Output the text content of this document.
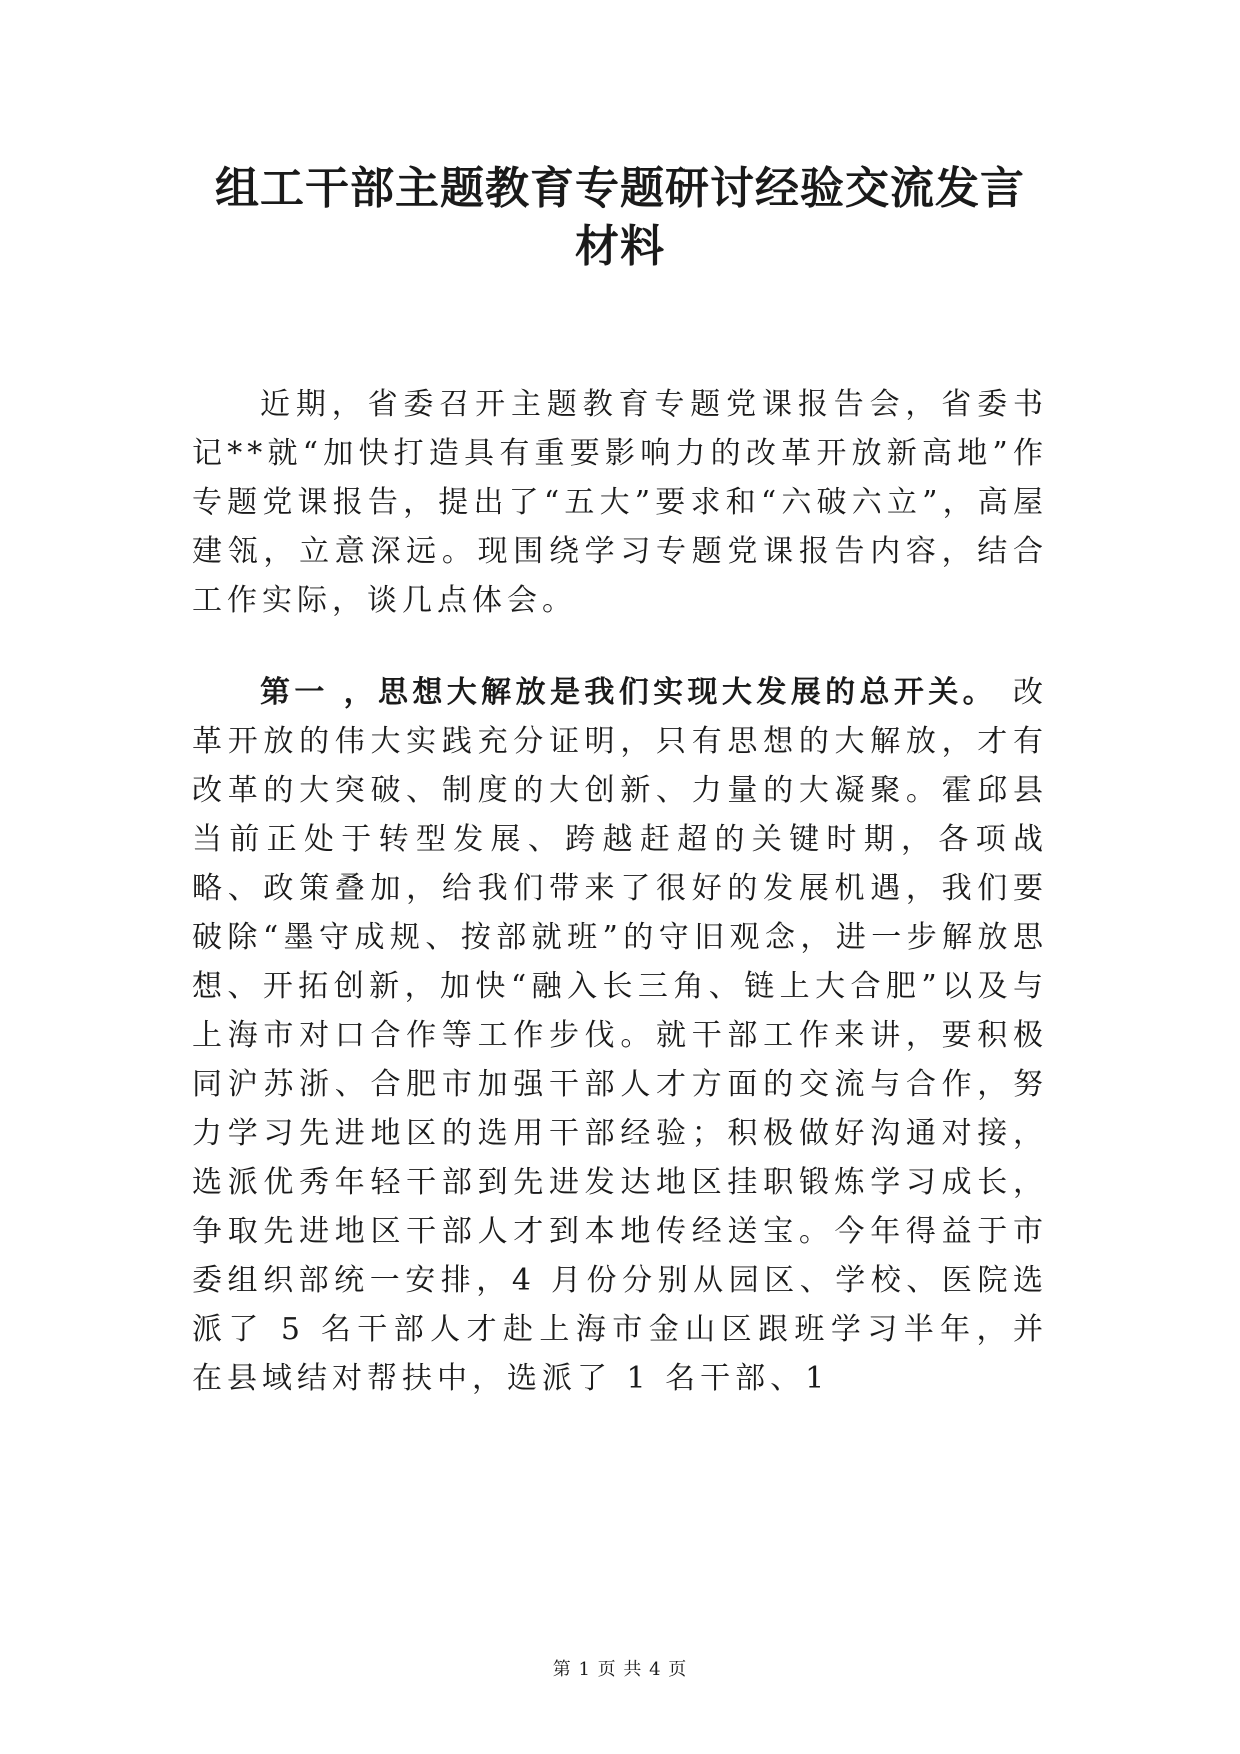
组工干部主题教育专题研讨经验交流发言
材料

近期，省委召开主题教育专题党课报告会，省委书记**就“加快打造具有重要影响力的改革开放新高地”作专题党课报告，提出了“五大”要求和“六破六立”，高屋建瓴，立意深远。现围绕学习专题党课报告内容，结合工作实际，谈几点体会。

第一 ，思想大解放是我们实现大发展的总开关。 改革开放的伟大实践充分证明，只有思想的大解放，才有改革的大突破、制度的大创新、力量的大凝聚。霍邱县当前正处于转型发展、跨越赶超的关键时期，各项战略、政策叠加，给我们带来了很好的发展机遇，我们要破除“墨守成规、按部就班”的守旧观念，进一步解放思想、开拓创新，加快“融入长三角、链上大合肥”以及与上海市对口合作等工作步伐。就干部工作来讲，要积极同沪苏浙、合肥市加强干部人才方面的交流与合作，努力学习先进地区的选用干部经验；积极做好沟通对接，选派优秀年轻干部到先进发达地区挂职锻炼学习成长，争取先进地区干部人才到本地传经送宝。今年得益于市委组织部统一安排，4 月份分别从园区、学校、医院选派了 5 名干部人才赴上海市金山区跟班学习半年，并在县域结对帮扶中，选派了 1 名干部、1

第 1 页 共 4 页
